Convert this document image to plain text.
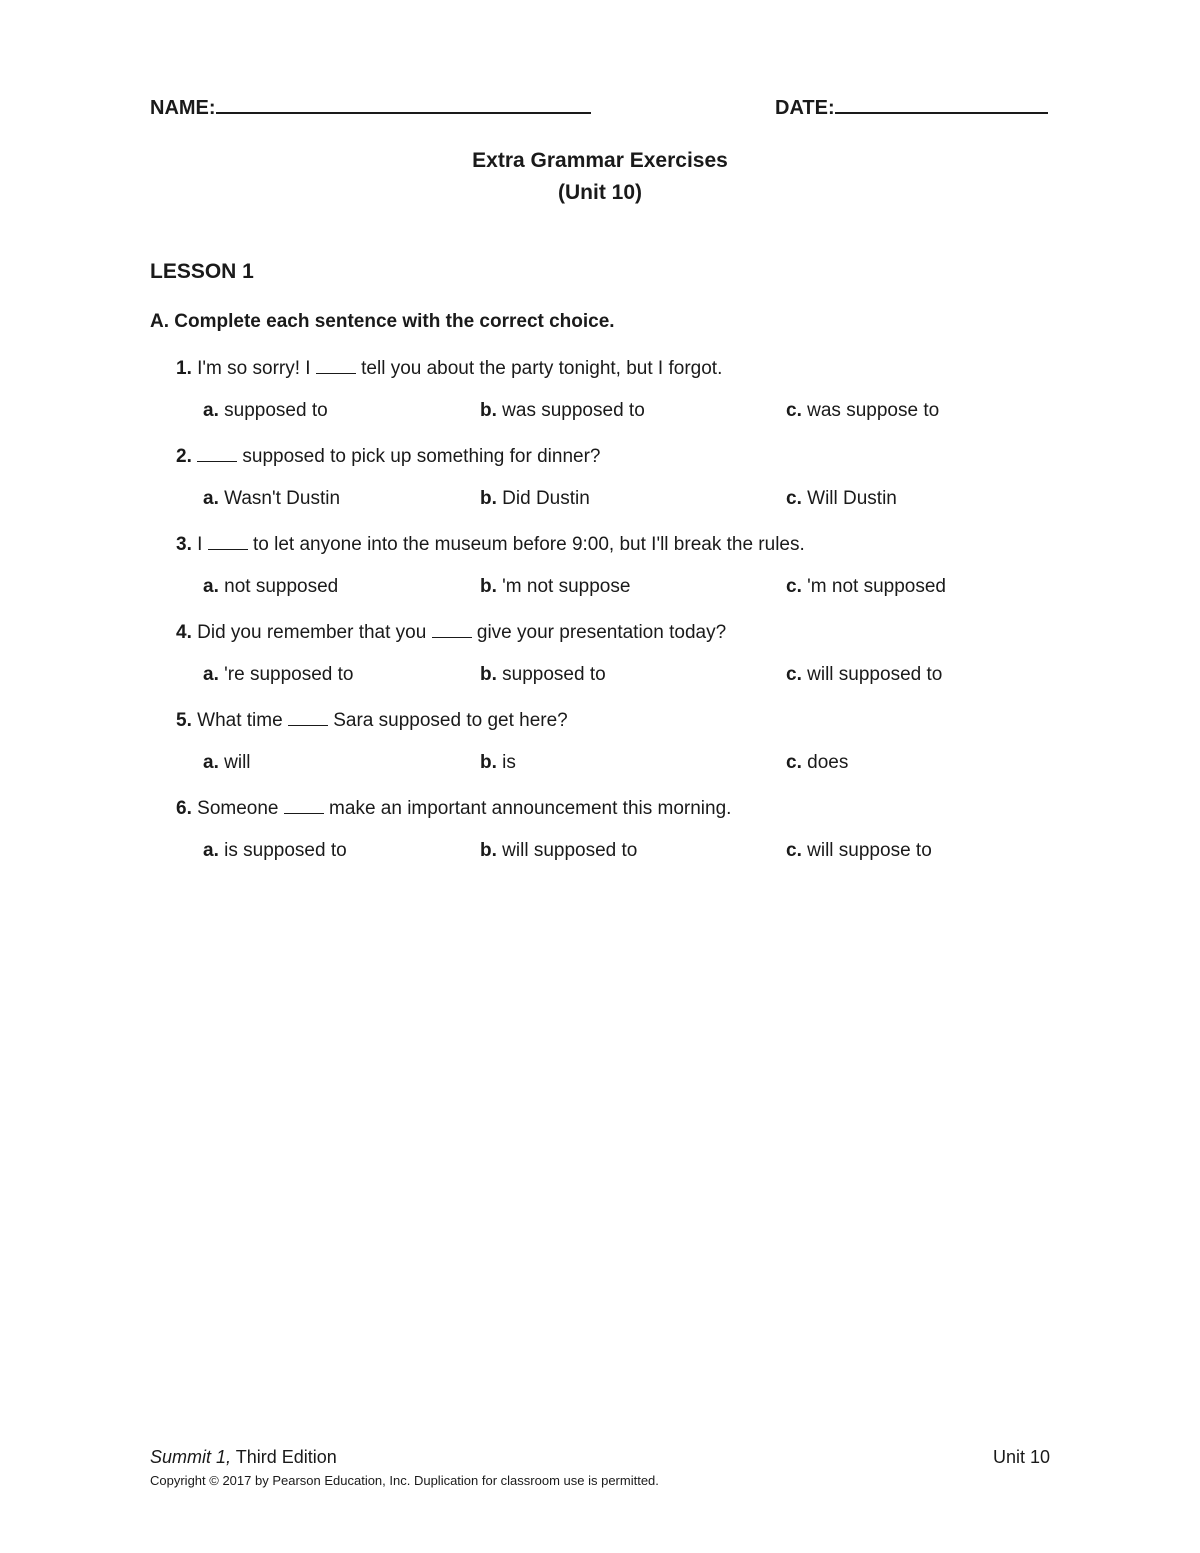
NAME:	DATE:
Extra Grammar Exercises
(Unit 10)
LESSON 1
A. Complete each sentence with the correct choice.
1. I'm so sorry! I  tell you about the party tonight, but I forgot.
a. supposed to	b. was supposed to	c. was suppose to
2.  supposed to pick up something for dinner?
a. Wasn't Dustin	b. Did Dustin	c. Will Dustin
3. I  to let anyone into the museum before 9:00, but I'll break the rules.
a. not supposed	b. 'm not suppose	c. 'm not supposed
4. Did you remember that you  give your presentation today?
a. 're supposed to	b. supposed to	c. will supposed to
5. What time  Sara supposed to get here?
a. will	b. is	c. does
6. Someone  make an important announcement this morning.
a. is supposed to	b. will supposed to	c. will suppose to
Summit 1, Third Edition	Unit 10
Copyright © 2017 by Pearson Education, Inc. Duplication for classroom use is permitted.
